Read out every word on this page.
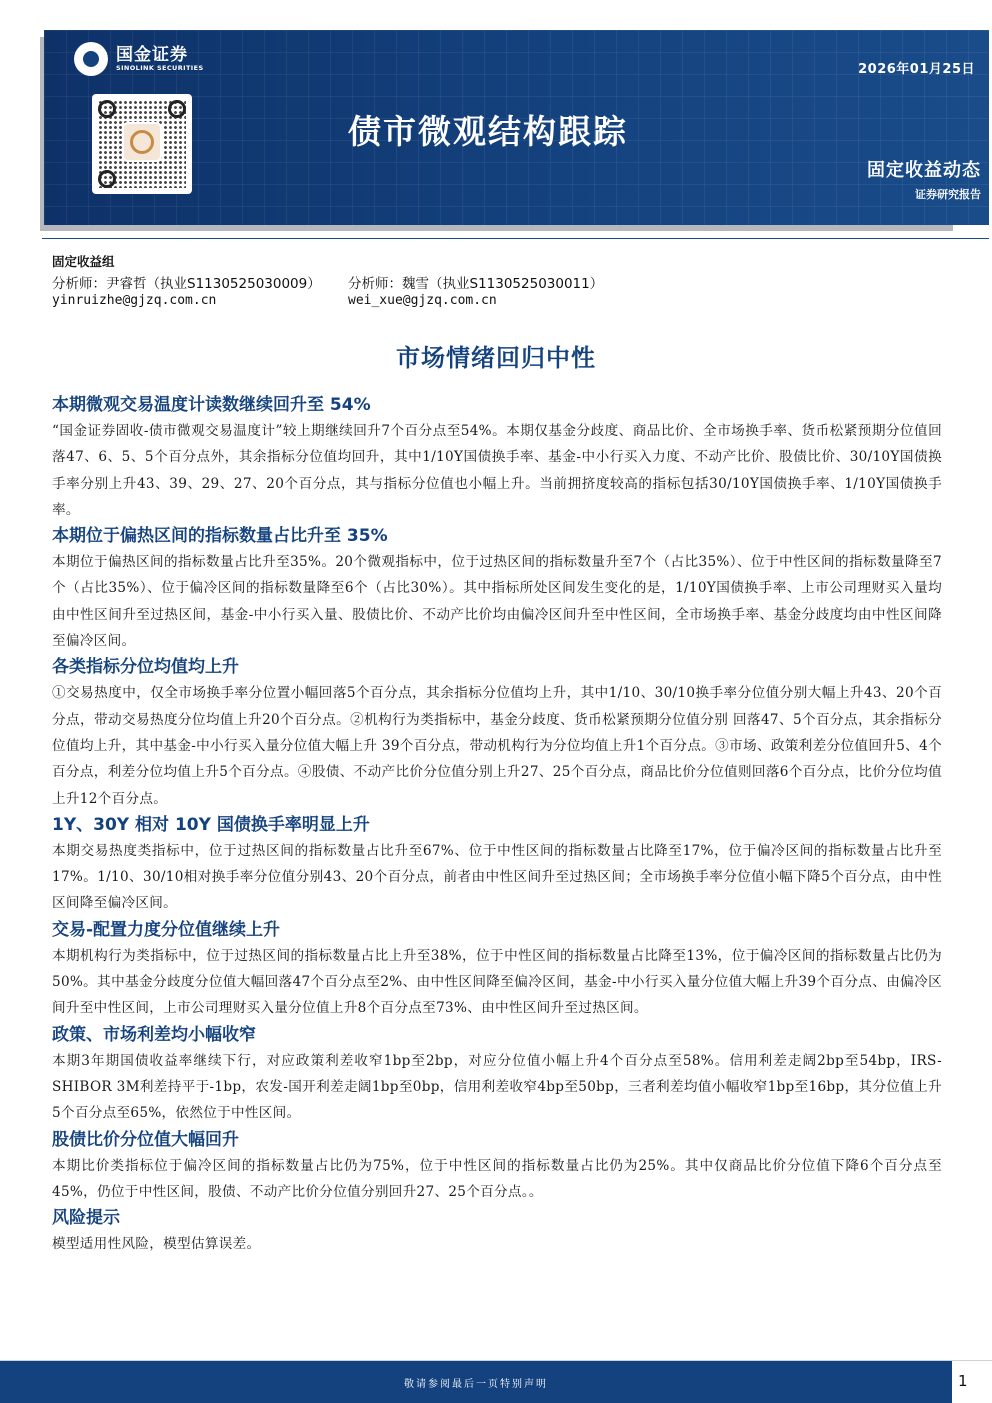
国金证券
SINOLINK SECURITIES	2026年01月25日
债市微观结构跟踪
固定收益动态
证券研究报告
固定收益组
分析师：尹睿哲（执业S1130525030009） 分析师：魏雪（执业S1130525030011）
yinruizhe@gjzq.com.cn	wei_xue@gjzq.com.cn
市场情绪回归中性
本期微观交易温度计读数继续回升至 54%
“国金证券固收-债市微观交易温度计”较上期继续回升7个百分点至54%。本期仅基金分歧度、商品比价、全市场换手率、货币松紧预期分位值回落47、6、5、5个百分点外，其余指标分位值均回升，其中1/10Y国债换手率、基金-中小行买入力度、不动产比价、股债比价、30/10Y国债换手率分别上升43、39、29、27、20个百分点，其与指标分位值也小幅上升。当前拥挤度较高的指标包括30/10Y国债换手率、1/10Y国债换手率。
本期位于偏热区间的指标数量占比升至 35%
本期位于偏热区间的指标数量占比升至35%。20个微观指标中，位于过热区间的指标数量升至7个（占比35%）、位于中性区间的指标数量降至7个（占比35%）、位于偏冷区间的指标数量降至6个（占比30%）。其中指标所处区间发生变化的是，1/10Y国债换手率、上市公司理财买入量均由中性区间升至过热区间，基金-中小行买入量、股债比价、不动产比价均由偏冷区间升至中性区间，全市场换手率、基金分歧度均由中性区间降至偏冷区间。
各类指标分位均值均上升
①交易热度中，仅全市场换手率分位置小幅回落5个百分点，其余指标分位值均上升，其中1/10、30/10换手率分位值分别大幅上升43、20个百分点，带动交易热度分位均值上升20个百分点。②机构行为类指标中，基金分歧度、货币松紧预期分位值分别 回落47、5个百分点，其余指标分位值均上升，其中基金-中小行买入量分位值大幅上升 39个百分点，带动机构行为分位均值上升1个百分点。③市场、政策利差分位值回升5、4个百分点，利差分位均值上升5个百分点。④股债、不动产比价分位值分别上升27、25个百分点，商品比价分位值则回落6个百分点，比价分位均值上升12个百分点。
1Y、30Y 相对 10Y 国债换手率明显上升
本期交易热度类指标中，位于过热区间的指标数量占比升至67%、位于中性区间的指标数量占比降至17%，位于偏冷区间的指标数量占比升至17%。1/10、30/10相对换手率分位值分别43、20个百分点，前者由中性区间升至过热区间；全市场换手率分位值小幅下降5个百分点，由中性区间降至偏冷区间。
交易-配置力度分位值继续上升
本期机构行为类指标中，位于过热区间的指标数量占比上升至38%，位于中性区间的指标数量占比降至13%，位于偏冷区间的指标数量占比仍为50%。其中基金分歧度分位值大幅回落47个百分点至2%、由中性区间降至偏冷区间，基金-中小行买入量分位值大幅上升39个百分点、由偏冷区间升至中性区间，上市公司理财买入量分位值上升8个百分点至73%、由中性区间升至过热区间。
政策、市场利差均小幅收窄
本期3年期国债收益率继续下行，对应政策利差收窄1bp至2bp，对应分位值小幅上升4个百分点至58%。信用利差走阔2bp至54bp，IRS-SHIBOR 3M利差持平于-1bp，农发-国开利差走阔1bp至0bp，信用利差收窄4bp至50bp，三者利差均值小幅收窄1bp至16bp，其分位值上升5个百分点至65%，依然位于中性区间。
股债比价分位值大幅回升
本期比价类指标位于偏冷区间的指标数量占比仍为75%，位于中性区间的指标数量占比仍为25%。其中仅商品比价分位值下降6个百分点至45%，仍位于中性区间，股债、不动产比价分位值分别回升27、25个百分点。。
风险提示
模型适用性风险，模型估算误差。
敬请参阅最后一页特别声明	1
